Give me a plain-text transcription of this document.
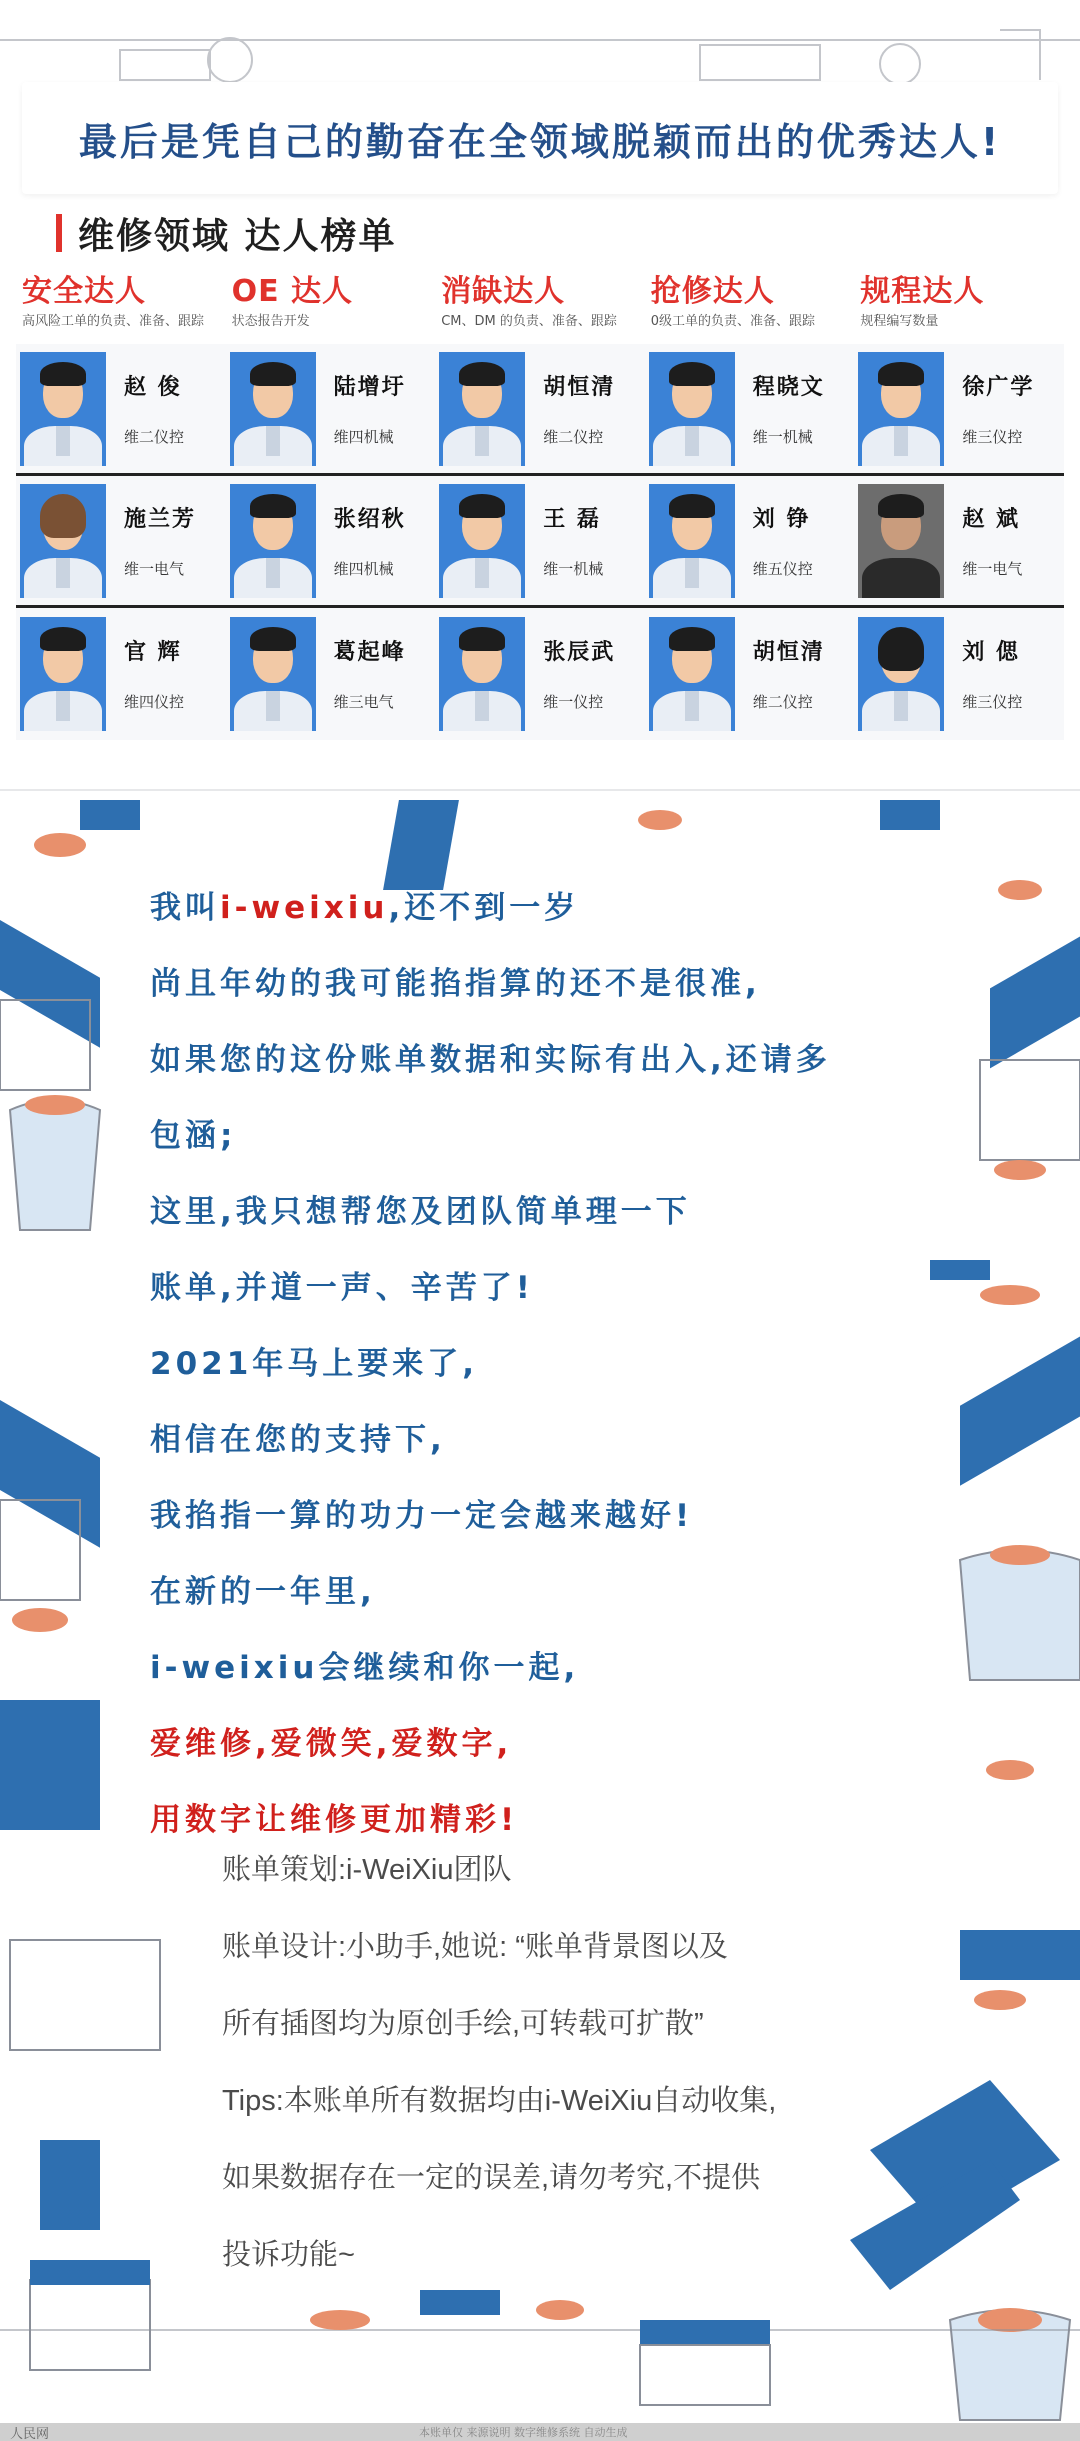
最后是凭自己的勤奋在全领域脱颖而出的优秀达人!
维修领域 达人榜单
安全达人
高风险工单的负责、准备、跟踪
OE 达人
状态报告开发
消缺达人
CM、DM 的负责、准备、跟踪
抢修达人
0级工单的负责、准备、跟踪
规程达人
规程编写数量
赵 俊
维二仪控
陆增圩
维四机械
胡恒清
维二仪控
程晓文
维一机械
徐广学
维三仪控
施兰芳
维一电气
张绍秋
维四机械
王 磊
维一机械
刘 铮
维五仪控
赵 斌
维一电气
官 辉
维四仪控
葛起峰
维三电气
张辰武
维一仪控
胡恒清
维二仪控
刘 偲
维三仪控
我叫i-weixiu,还不到一岁
尚且年幼的我可能掐指算的还不是很准,
如果您的这份账单数据和实际有出入,还请多
包涵;
这里,我只想帮您及团队简单理一下
账单,并道一声、辛苦了!
2021年马上要来了,
相信在您的支持下,
我掐指一算的功力一定会越来越好!
在新的一年里,
i-weixiu会继续和你一起,
爱维修,爱微笑,爱数字,
用数字让维修更加精彩!
账单策划:i-WeiXiu团队
账单设计:小助手,她说: “账单背景图以及
所有插图均为原创手绘,可转载可扩散”
Tips:本账单所有数据均由i-WeiXiu自动收集,
如果数据存在一定的误差,请勿考究,不提供
投诉功能~
人民网	本账单仅 来源说明 数字维修系统 自动生成
